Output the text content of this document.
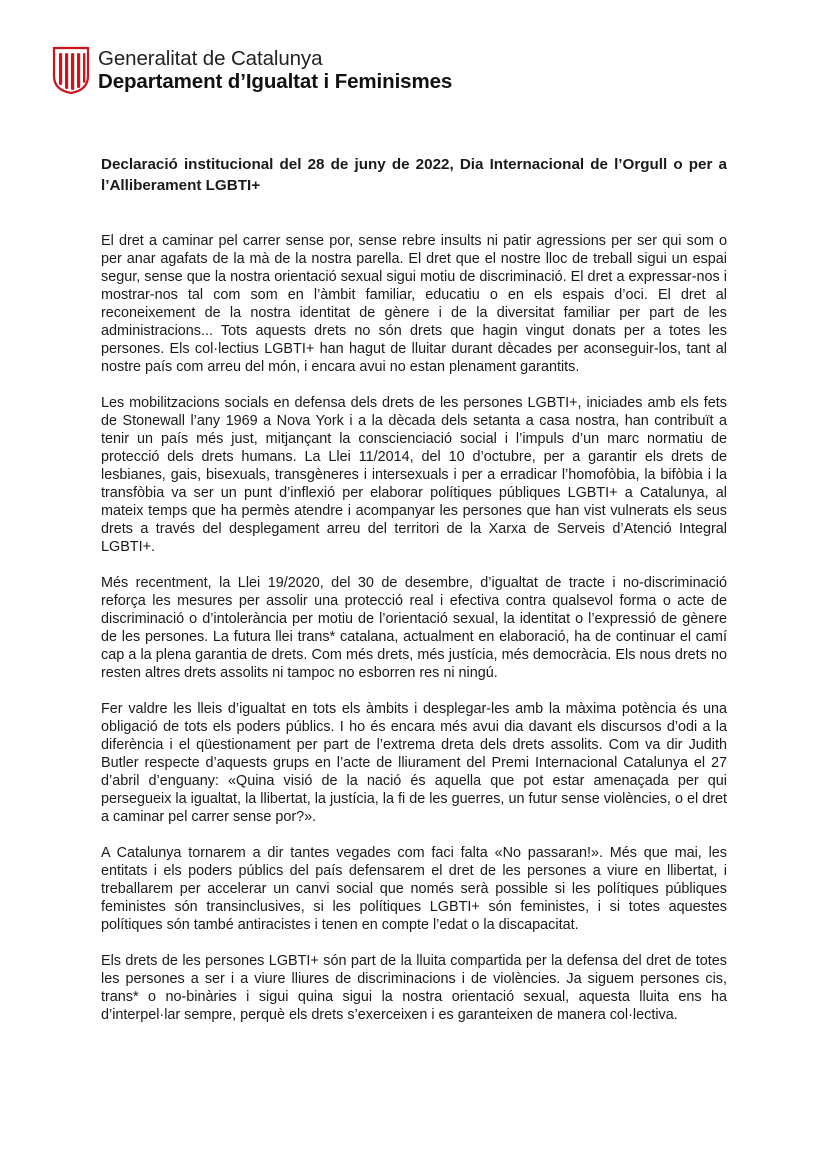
Generalitat de Catalunya
Departament d’Igualtat i Feminismes
Declaració institucional del 28 de juny de 2022, Dia Internacional de l’Orgull o per a l’Alliberament LGBTI+

El dret a caminar pel carrer sense por, sense rebre insults ni patir agressions per ser qui som o per anar agafats de la mà de la nostra parella. El dret que el nostre lloc de treball sigui un espai segur, sense que la nostra orientació sexual sigui motiu de discriminació. El dret a expressar-nos i mostrar-nos tal com som en l’àmbit familiar, educatiu o en els espais d’oci. El dret al reconeixement de la nostra identitat de gènere i de la diversitat familiar per part de les administracions... Tots aquests drets no són drets que hagin vingut donats per a totes les persones. Els col·lectius LGBTI+ han hagut de lluitar durant dècades per aconseguir-los, tant al nostre país com arreu del món, i encara avui no estan plenament garantits.

Les mobilitzacions socials en defensa dels drets de les persones LGBTI+, iniciades amb els fets de Stonewall l’any 1969 a Nova York i a la dècada dels setanta a casa nostra, han contribuït a tenir un país més just, mitjançant la conscienciació social i l’impuls d’un marc normatiu de protecció dels drets humans. La Llei 11/2014, del 10 d’octubre, per a garantir els drets de lesbianes, gais, bisexuals, transgèneres i intersexuals i per a erradicar l’homofòbia, la bifòbia i la transfòbia va ser un punt d’inflexió per elaborar polítiques públiques LGBTI+ a Catalunya, al mateix temps que ha permès atendre i acompanyar les persones que han vist vulnerats els seus drets a través del desplegament arreu del territori de la Xarxa de Serveis d’Atenció Integral LGBTI+.

Més recentment, la Llei 19/2020, del 30 de desembre, d’igualtat de tracte i no-discriminació reforça les mesures per assolir una protecció real i efectiva contra qualsevol forma o acte de discriminació o d’intolerància per motiu de l’orientació sexual, la identitat o l’expressió de gènere de les persones. La futura llei trans* catalana, actualment en elaboració, ha de continuar el camí cap a la plena garantia de drets. Com més drets, més justícia, més democràcia. Els nous drets no resten altres drets assolits ni tampoc no esborren res ni ningú.

Fer valdre les lleis d’igualtat en tots els àmbits i desplegar-les amb la màxima potència és una obligació de tots els poders públics. I ho és encara més avui dia davant els discursos d’odi a la diferència i el qüestionament per part de l’extrema dreta dels drets assolits. Com va dir Judith Butler respecte d’aquests grups en l’acte de lliurament del Premi Internacional Catalunya el 27 d’abril d’enguany: «Quina visió de la nació és aquella que pot estar amenaçada per qui persegueix la igualtat, la llibertat, la justícia, la fi de les guerres, un futur sense violències, o el dret a caminar pel carrer sense por?».

A Catalunya tornarem a dir tantes vegades com faci falta «No passaran!». Més que mai, les entitats i els poders públics del país defensarem el dret de les persones a viure en llibertat, i treballarem per accelerar un canvi social que només serà possible si les polítiques públiques feministes són transinclusives, si les polítiques LGBTI+ són feministes, i si totes aquestes polítiques són també antiracistes i tenen en compte l’edat o la discapacitat.

Els drets de les persones LGBTI+ són part de la lluita compartida per la defensa del dret de totes les persones a ser i a viure lliures de discriminacions i de violències. Ja siguem persones cis, trans* o no-binàries i sigui quina sigui la nostra orientació sexual, aquesta lluita ens ha d’interpel·lar sempre, perquè els drets s’exerceixen i es garanteixen de manera col·lectiva.
